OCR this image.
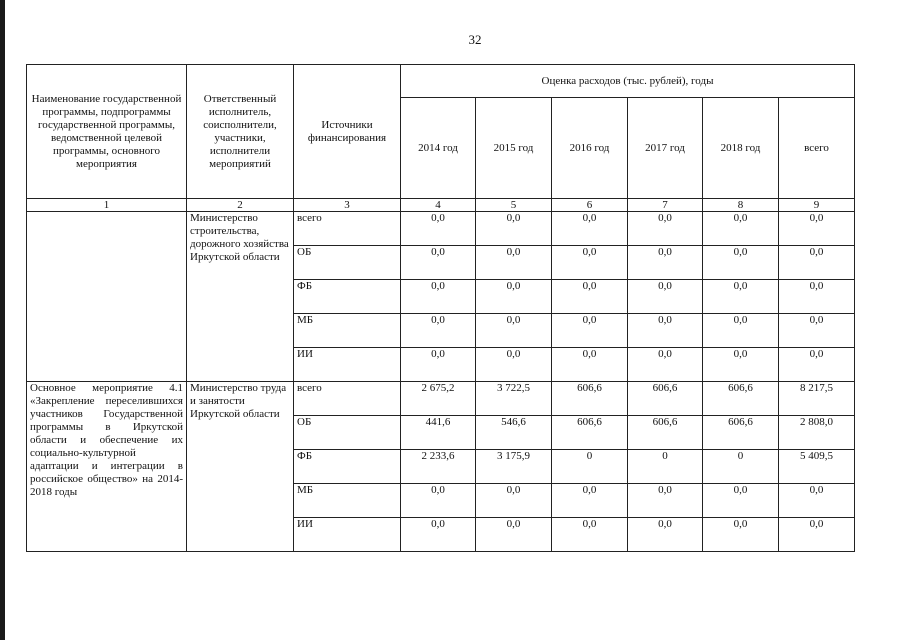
32
Наименование государственной программы, подпрограммы государственной программы, ведомственной целевой программы, основного мероприятия	Ответственный исполнитель, соисполнители, участники, исполнители мероприятий	Источники финансирования	Оценка расходов (тыс. рублей), годы					
			2014 год	2015 год	2016 год	2017 год	2018 год	всего
1	2	3	4	5	6	7	8	9
	Министерство строительства, дорожного хозяйства Иркутской области	всего	0,0	0,0	0,0	0,0	0,0	0,0
		ОБ	0,0	0,0	0,0	0,0	0,0	0,0
		ФБ	0,0	0,0	0,0	0,0	0,0	0,0
		МБ	0,0	0,0	0,0	0,0	0,0	0,0
		ИИ	0,0	0,0	0,0	0,0	0,0	0,0
Основное мероприятие 4.1 «Закрепление переселившихся участников Государственной программы в Иркутской области и обеспечение их социально-культурной адаптации и интеграции в российское общество» на 2014-2018 годы	Министерство труда и занятости Иркутской области	всего	2 675,2	3 722,5	606,6	606,6	606,6	8 217,5
		ОБ	441,6	546,6	606,6	606,6	606,6	2 808,0
		ФБ	2 233,6	3 175,9	0	0	0	5 409,5
		МБ	0,0	0,0	0,0	0,0	0,0	0,0
		ИИ	0,0	0,0	0,0	0,0	0,0	0,0
